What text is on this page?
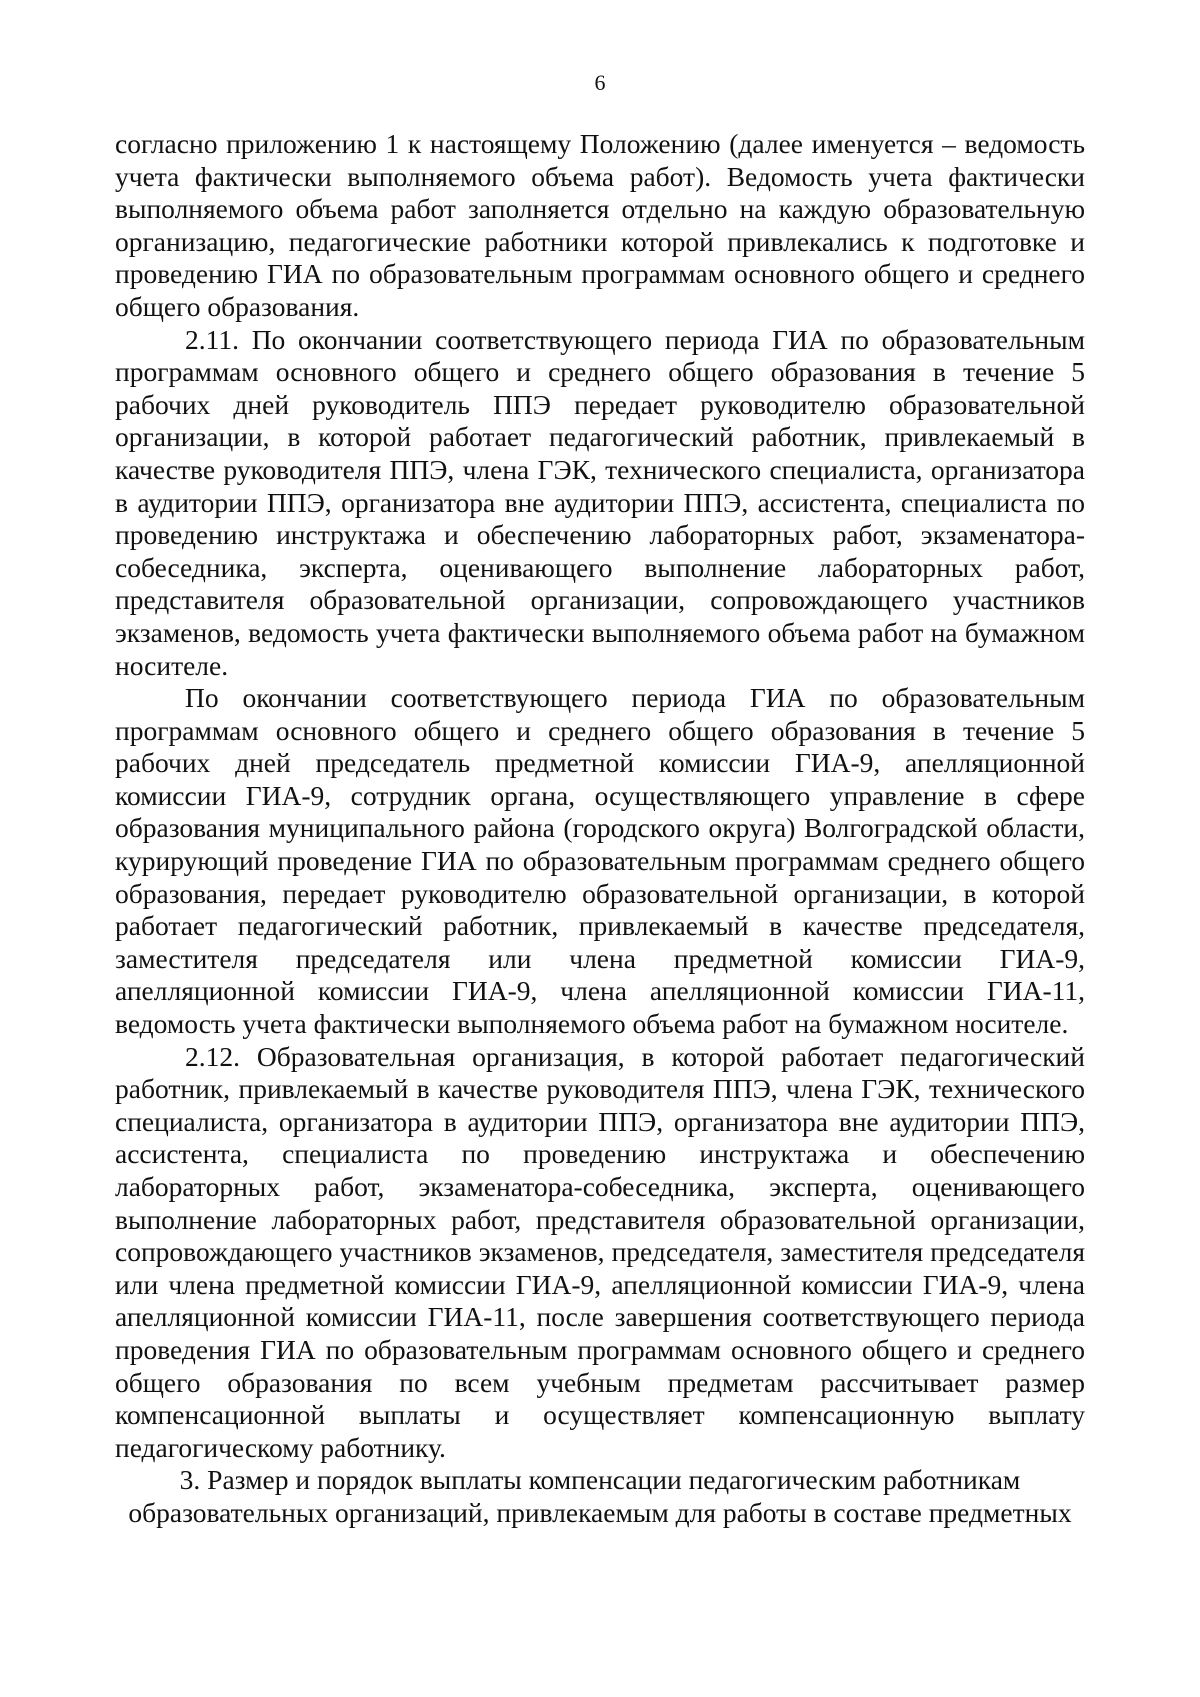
6

согласно приложению 1 к настоящему Положению (далее именуется – ведомость учета фактически выполняемого объема работ). Ведомость учета фактически выполняемого объема работ заполняется отдельно на каждую образовательную организацию, педагогические работники которой привлекались к подготовке и проведению ГИА по образовательным программам основного общего и среднего общего образования.

2.11. По окончании соответствующего периода ГИА по образовательным программам основного общего и среднего общего образования в течение 5 рабочих дней руководитель ППЭ передает руководителю образовательной организации, в которой работает педагогический работник, привлекаемый в качестве руководителя ППЭ, члена ГЭК, технического специалиста, организатора в аудитории ППЭ, организатора вне аудитории ППЭ, ассистента, специалиста по проведению инструктажа и обеспечению лабораторных работ, экзаменатора-собеседника, эксперта, оценивающего выполнение лабораторных работ, представителя образовательной организации, сопровождающего участников экзаменов, ведомость учета фактически выполняемого объема работ на бумажном носителе.

По окончании соответствующего периода ГИА по образовательным программам основного общего и среднего общего образования в течение 5 рабочих дней председатель предметной комиссии ГИА-9, апелляционной комиссии ГИА-9, сотрудник органа, осуществляющего управление в сфере образования муниципального района (городского округа) Волгоградской области, курирующий проведение ГИА по образовательным программам среднего общего образования, передает руководителю образовательной организации, в которой работает педагогический работник, привлекаемый в качестве председателя, заместителя председателя или члена предметной комиссии ГИА-9, апелляционной комиссии ГИА-9, члена апелляционной комиссии ГИА-11, ведомость учета фактически выполняемого объема работ на бумажном носителе.

2.12. Образовательная организация, в которой работает педагогический работник, привлекаемый в качестве руководителя ППЭ, члена ГЭК, технического специалиста, организатора в аудитории ППЭ, организатора вне аудитории ППЭ, ассистента, специалиста по проведению инструктажа и обеспечению лабораторных работ, экзаменатора-собеседника, эксперта, оценивающего выполнение лабораторных работ, представителя образовательной организации, сопровождающего участников экзаменов, председателя, заместителя председателя или члена предметной комиссии ГИА-9, апелляционной комиссии ГИА-9, члена апелляционной комиссии ГИА-11, после завершения соответствующего периода проведения ГИА по образовательным программам основного общего и среднего общего образования по всем учебным предметам рассчитывает размер компенсационной выплаты и осуществляет компенсационную выплату педагогическому работнику.

3. Размер и порядок выплаты компенсации педагогическим работникам
образовательных организаций, привлекаемым для работы в составе предметных
